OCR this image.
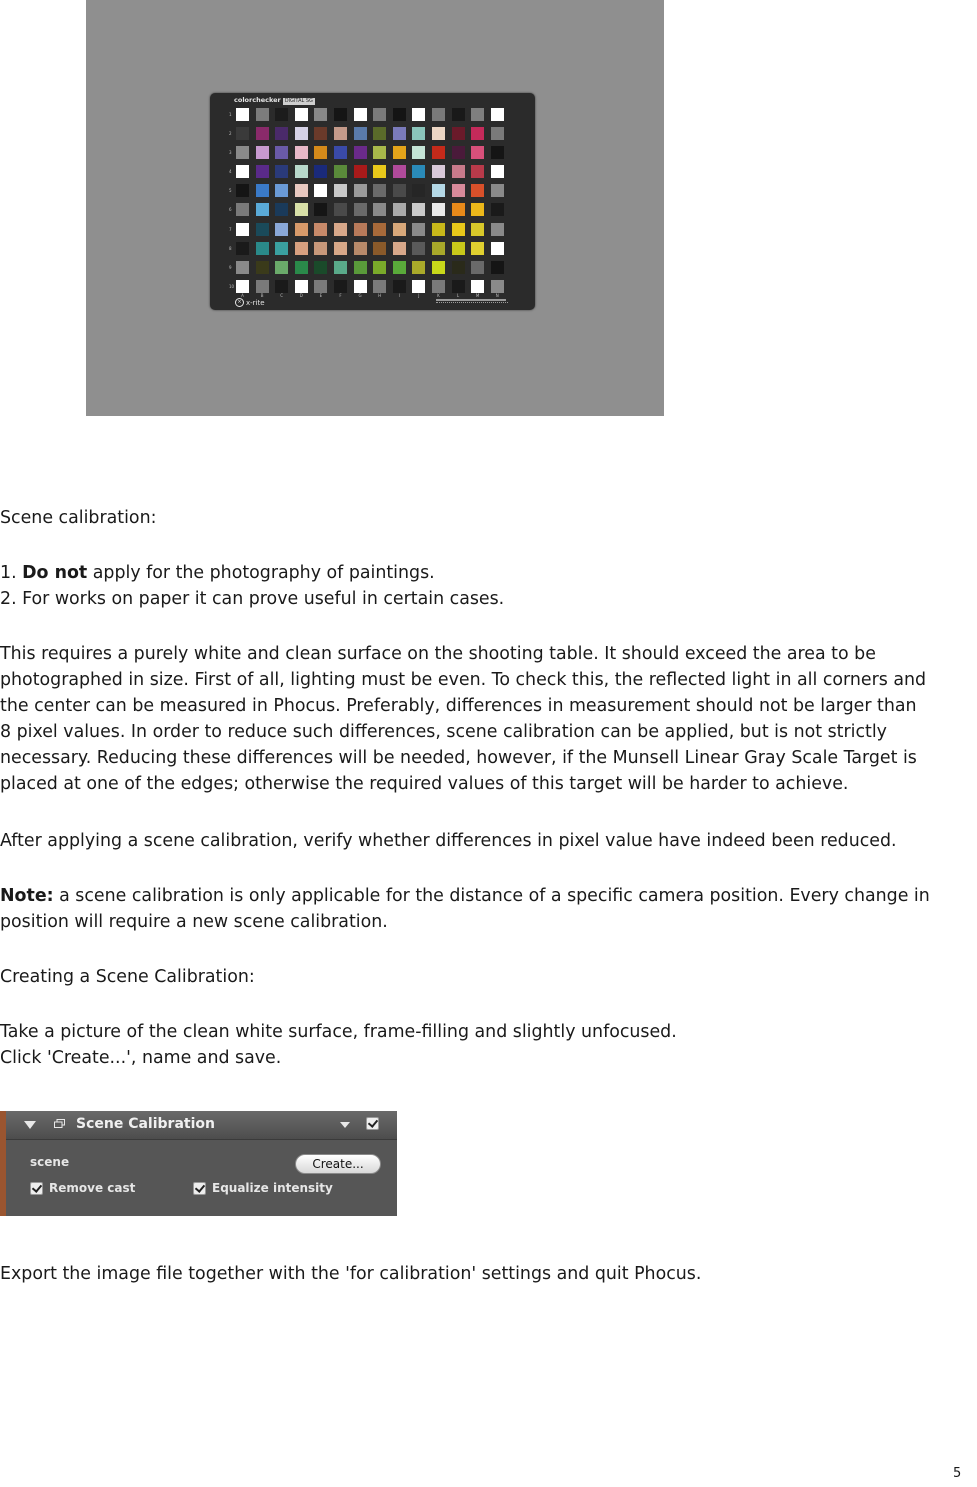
colorchecker DIGITAL SG
1
2
3
4
5
6
7
8
9
10
A	B	C	D	E	F	G	H	I	J	K	L	M	N
× x-rite

Scene calibration:

1. Do not apply for the photography of paintings.

2. For works on paper it can prove useful in certain cases.

This requires a purely white and clean surface on the shooting table. It should exceed the area to be

photographed in size. First of all, lighting must be even. To check this, the reflected light in all corners and

the center can be measured in Phocus. Preferably, differences in measurement should not be larger than

8 pixel values. In order to reduce such differences, scene calibration can be applied, but is not strictly

necessary. Reducing these differences will be needed, however, if the Munsell Linear Gray Scale Target is

placed at one of the edges; otherwise the required values of this target will be harder to achieve.

After applying a scene calibration, verify whether differences in pixel value have indeed been reduced.

Note: a scene calibration is only applicable for the distance of a specific camera position. Every change in

position will require a new scene calibration.

Creating a Scene Calibration:

Take a picture of the clean white surface, frame-filling and slightly unfocused.

Click 'Create...', name and save.

Scene Calibration
scene	Create...
Remove cast	Equalize intensity

Export the image file together with the 'for calibration' settings and quit Phocus.

5
